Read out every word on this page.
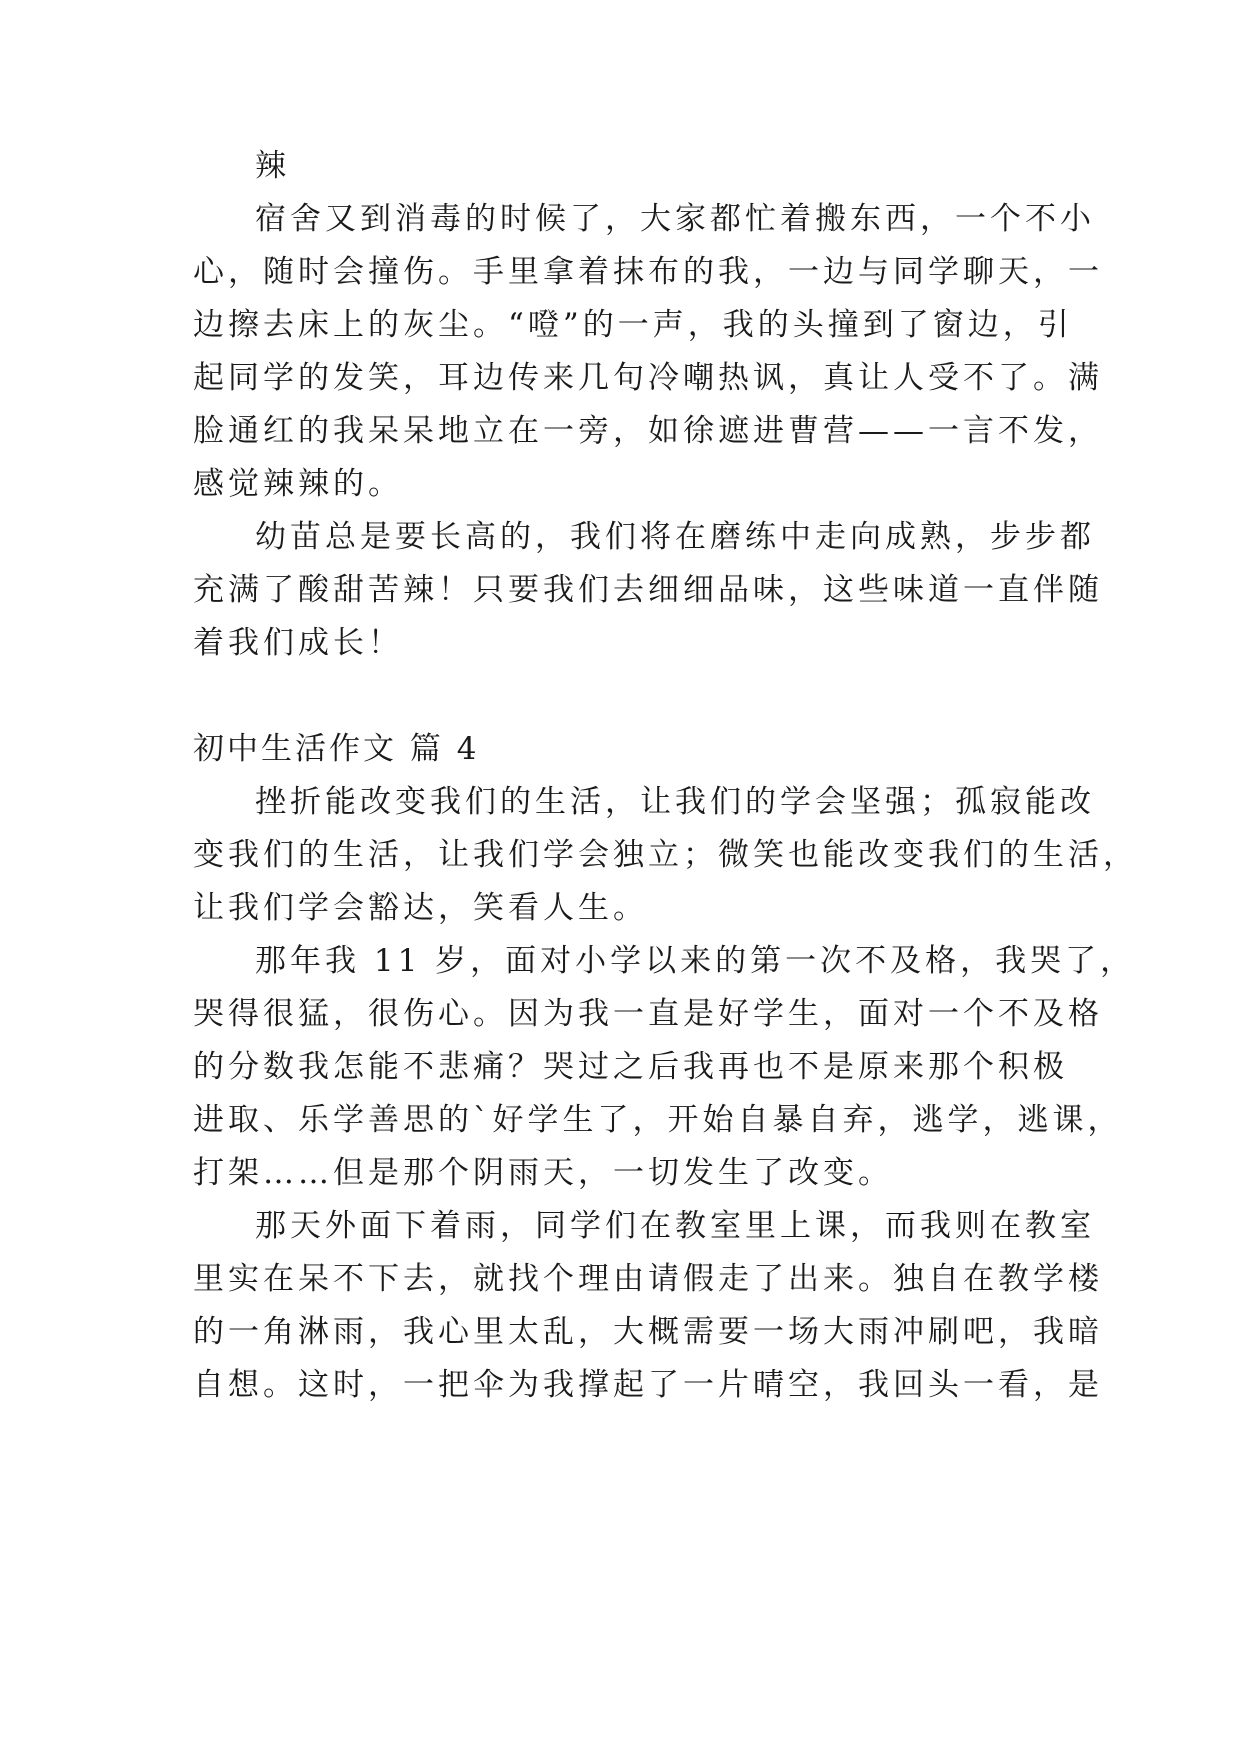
辣

宿舍又到消毒的时候了，大家都忙着搬东西，一个不小

心，随时会撞伤。手里拿着抹布的我，一边与同学聊天，一

边擦去床上的灰尘。“噔”的一声，我的头撞到了窗边，引

起同学的发笑，耳边传来几句冷嘲热讽，真让人受不了。满

脸通红的我呆呆地立在一旁，如徐遮进曹营——一言不发，

感觉辣辣的。

幼苗总是要长高的，我们将在磨练中走向成熟，步步都

充满了酸甜苦辣！只要我们去细细品味，这些味道一直伴随

着我们成长！

初中生活作文 篇 4

挫折能改变我们的生活，让我们的学会坚强；孤寂能改

变我们的生活，让我们学会独立；微笑也能改变我们的生活，

让我们学会豁达，笑看人生。

那年我 11 岁，面对小学以来的第一次不及格，我哭了，

哭得很猛，很伤心。因为我一直是好学生，面对一个不及格

的分数我怎能不悲痛？哭过之后我再也不是原来那个积极

进取、乐学善思的`好学生了，开始自暴自弃，逃学，逃课，

打架……但是那个阴雨天，一切发生了改变。

那天外面下着雨，同学们在教室里上课，而我则在教室

里实在呆不下去，就找个理由请假走了出来。独自在教学楼

的一角淋雨，我心里太乱，大概需要一场大雨冲刷吧，我暗

自想。这时，一把伞为我撑起了一片晴空，我回头一看，是
